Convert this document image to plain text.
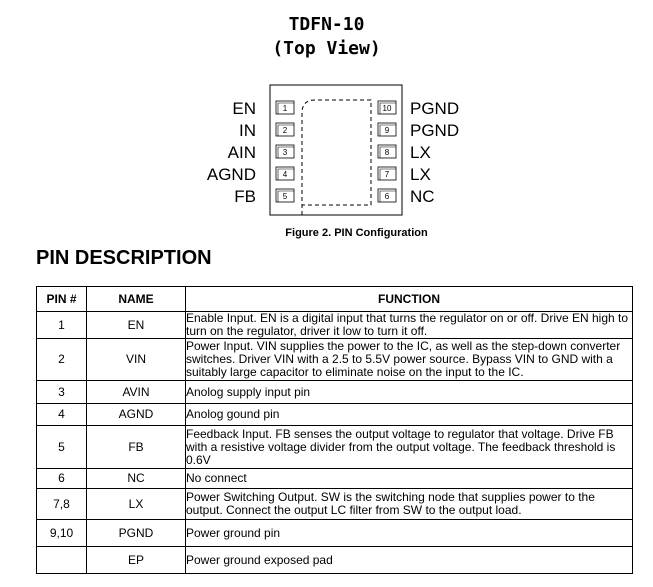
TDFN-10
(Top View)
1
EN
2
IN
3
AIN
4
AGND
5
FB
10 PGND
9 PGND
8 LX
7 LX
6 NC
Figure 2. PIN Configuration
PIN DESCRIPTION
PIN #	NAME	FUNCTION
1	EN	Enable Input. EN is a digital input that turns the regulator on or off. Drive EN high to turn on the regulator, driver it low to turn it off.
2	VIN	Power Input. VIN supplies the power to the IC, as well as the step-down converter switches. Driver VIN with a 2.5 to 5.5V power source. Bypass VIN to GND with a suitably large capacitor to eliminate noise on the input to the IC.
3	AVIN	Anolog supply input pin
4	AGND	Anolog gound pin
5	FB	Feedback Input. FB senses the output voltage to regulator that voltage. Drive FB with a resistive voltage divider from the output voltage. The feedback threshold is 0.6V
6	NC	No connect
7,8	LX	Power Switching Output. SW is the switching node that supplies power to the output. Connect the output LC filter from SW to the output load.
9,10	PGND	Power ground pin
	EP	Power ground exposed pad
